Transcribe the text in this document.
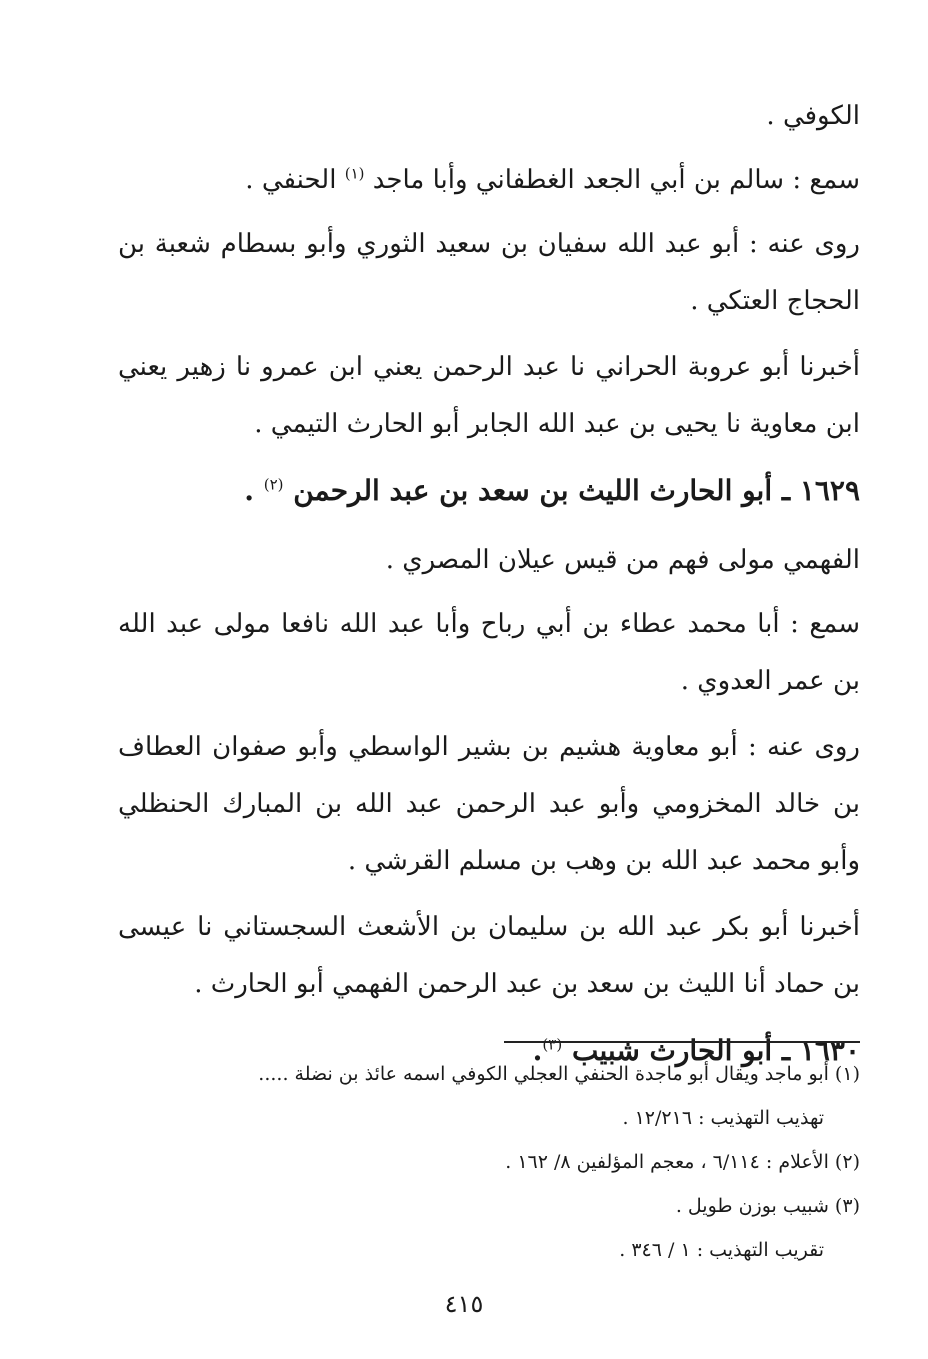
الكوفي .

سمع : سالم بن أبي الجعد الغطفاني وأبا ماجد $^{(١)}$ الحنفي .

روى عنه : أبو عبد الله سفيان بن سعيد الثوري وأبو بسطام شعبة بن الحجاج العتكي .

أخبرنا أبو عروبة الحراني نا عبد الرحمن يعني ابن عمرو نا زهير يعني ابن معاوية نا يحيى بن عبد الله الجابر أبو الحارث التيمي .

١٦٢٩ ـ أبو الحارث الليث بن سعد بن عبد الرحمن $^{(٢)}$ .

الفهمي مولى فهم من قيس عيلان المصري .

سمع : أبا محمد عطاء بن أبي رباح وأبا عبد الله نافعا مولى عبد الله بن عمر العدوي .

روى عنه : أبو معاوية هشيم بن بشير الواسطي وأبو صفوان العطاف بن خالد المخزومي وأبو عبد الرحمن عبد الله بن المبارك الحنظلي وأبو محمد عبد الله بن وهب بن مسلم القرشي .

أخبرنا أبو بكر عبد الله بن سليمان بن الأشعث السجستاني نا عيسى بن حماد أنا الليث بن سعد بن عبد الرحمن الفهمي أبو الحارث .

١٦٣٠ ـ أبو الحارث شبيب $^{(٣)}$.
(١) أبو ماجد ويقال أبو ماجدة الحنفي العجلي الكوفي اسمه عائذ بن نضلة .....
تهذيب التهذيب : ١٢/٢١٦ .
(٢) الأعلام : ٦/١١٤ ، معجم المؤلفين ٨/ ١٦٢ .
(٣) شبيب بوزن طويل .
تقريب التهذيب : ١ / ٣٤٦ .
٤١٥
